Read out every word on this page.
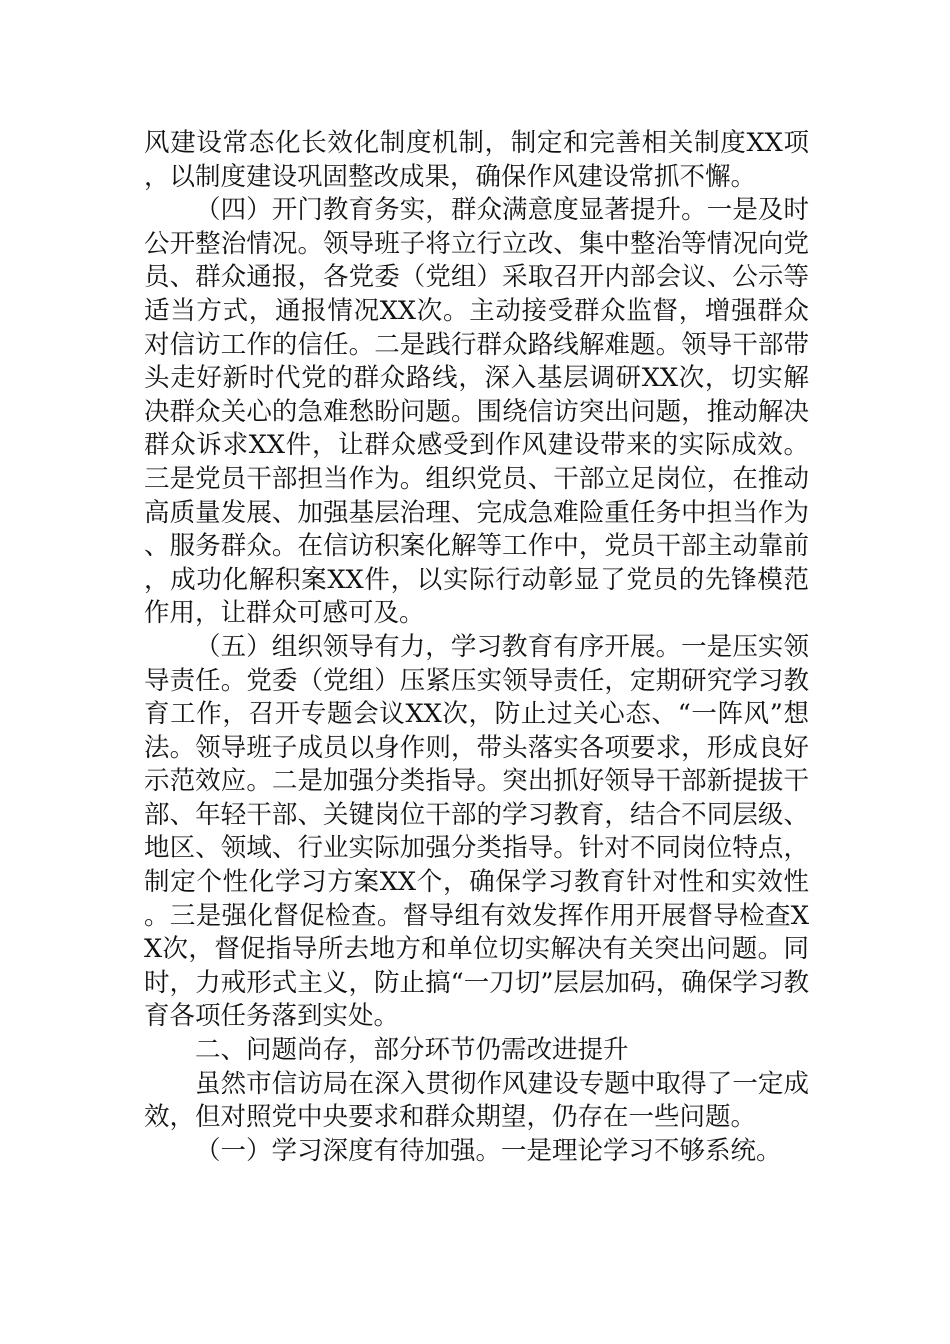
风建设常态化长效化制度机制，制定和完善相关制度XX项，以制度建设巩固整改成果，确保作风建设常抓不懈。

（四）开门教育务实，群众满意度显著提升。一是及时公开整治情况。领导班子将立行立改、集中整治等情况向党员、群众通报，各党委（党组）采取召开内部会议、公示等适当方式，通报情况XX次。主动接受群众监督，增强群众对信访工作的信任。二是践行群众路线解难题。领导干部带头走好新时代党的群众路线，深入基层调研XX次，切实解决群众关心的急难愁盼问题。围绕信访突出问题，推动解决群众诉求XX件，让群众感受到作风建设带来的实际成效。三是党员干部担当作为。组织党员、干部立足岗位，在推动高质量发展、加强基层治理、完成急难险重任务中担当作为、服务群众。在信访积案化解等工作中，党员干部主动靠前，成功化解积案XX件，以实际行动彰显了党员的先锋模范作用，让群众可感可及。

（五）组织领导有力，学习教育有序开展。一是压实领导责任。党委（党组）压紧压实领导责任，定期研究学习教育工作，召开专题会议XX次，防止过关心态、“一阵风”想法。领导班子成员以身作则，带头落实各项要求，形成良好示范效应。二是加强分类指导。突出抓好领导干部新提拔干部、年轻干部、关键岗位干部的学习教育，结合不同层级、地区、领域、行业实际加强分类指导。针对不同岗位特点，制定个性化学习方案XX个，确保学习教育针对性和实效性。三是强化督促检查。督导组有效发挥作用开展督导检查XX次，督促指导所去地方和单位切实解决有关突出问题。同时，力戒形式主义，防止搞“一刀切”层层加码，确保学习教育各项任务落到实处。

二、问题尚存，部分环节仍需改进提升

虽然市信访局在深入贯彻作风建设专题中取得了一定成效，但对照党中央要求和群众期望，仍存在一些问题。

（一）学习深度有待加强。一是理论学习不够系统。
